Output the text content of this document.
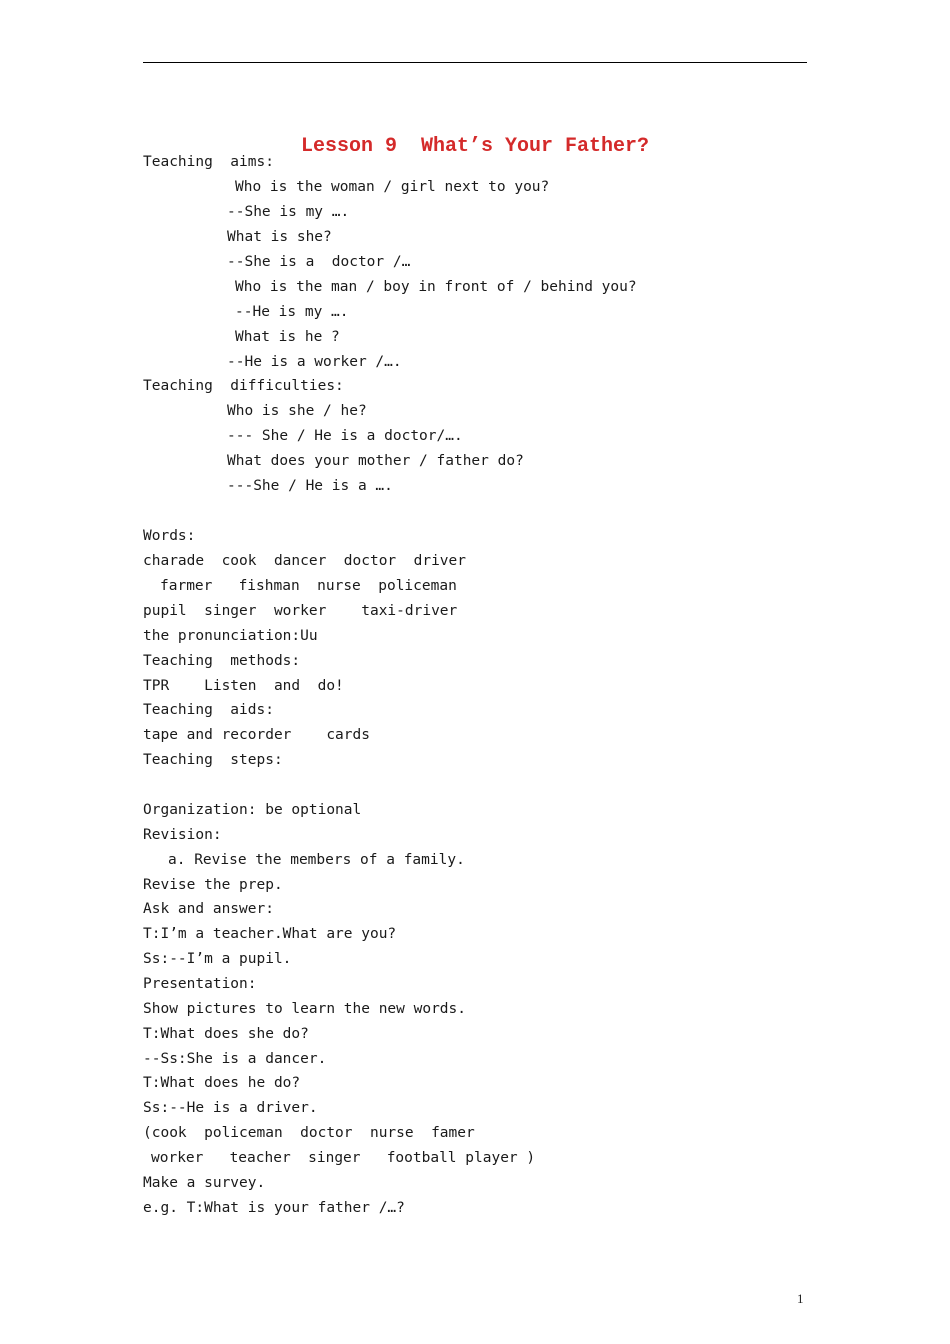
Lesson 9  What’s Your Father?

Teaching  aims:

Who is the woman / girl next to you?

--She is my ….

What is she?

--She is a  doctor /…

Who is the man / boy in front of / behind you?

--He is my ….

What is he ?

--He is a worker /….

Teaching  difficulties:

Who is she / he?

--- She / He is a doctor/….

What does your mother / father do?

---She / He is a ….

Words:

charade  cook  dancer  doctor  driver

farmer   fishman  nurse  policeman

pupil  singer  worker    taxi-driver

the pronunciation:Uu

Teaching  methods:

TPR    Listen  and  do!

Teaching  aids:

tape and recorder    cards

Teaching  steps:

Organization: be optional

Revision:

a. Revise the members of a family.

Revise the prep.

Ask and answer:

T:I’m a teacher.What are you?

Ss:--I’m a pupil.

Presentation:

Show pictures to learn the new words.

T:What does she do?

--Ss:She is a dancer.

T:What does he do?

Ss:--He is a driver.

(cook  policeman  doctor  nurse  famer

worker   teacher  singer   football player )

Make a survey.

e.g. T:What is your father /…?

1
